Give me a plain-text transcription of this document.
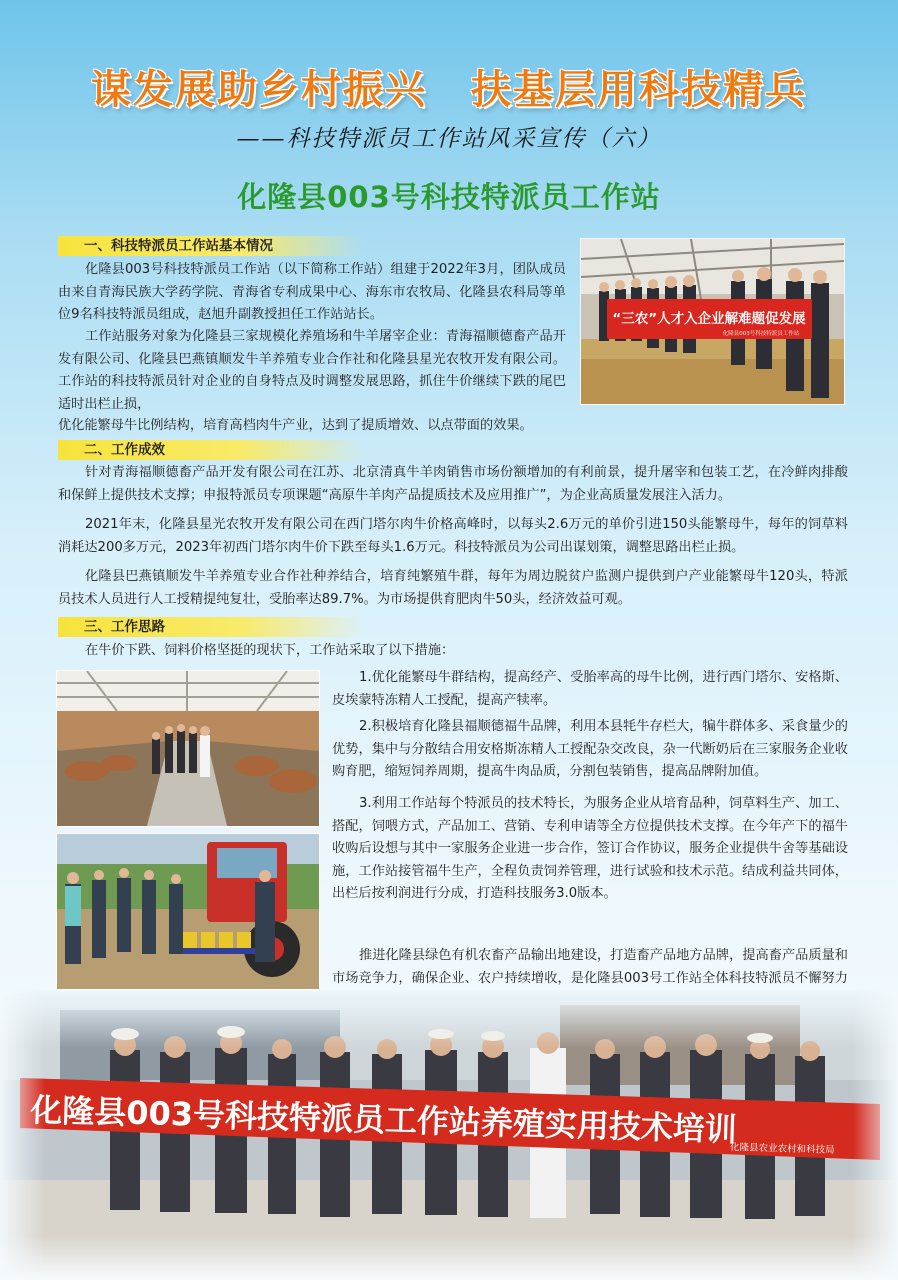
谋发展助乡村振兴 扶基层用科技精兵
——科技特派员工作站风采宣传（六）
化隆县003号科技特派员工作站
一、科技特派员工作站基本情况

化隆县003号科技特派员工作站（以下简称工作站）组建于2022年3月，团队成员由来自青海民族大学药学院、青海省专利成果中心、海东市农牧局、化隆县农科局等单位9名科技特派员组成，赵旭升副教授担任工作站站长。

工作站服务对象为化隆县三家规模化养殖场和牛羊屠宰企业：青海福顺德畜产品开发有限公司、化隆县巴燕镇顺发牛羊养殖专业合作社和化隆县星光农牧开发有限公司。工作站的科技特派员针对企业的自身特点及时调整发展思路，抓住牛价继续下跌的尾巴适时出栏止损，

优化能繁母牛比例结构，培育高档肉牛产业，达到了提质增效、以点带面的效果。

“三农”人才入企业解难题促发展
化隆县003号科技特派员工作站
二、工作成效

针对青海福顺德畜产品开发有限公司在江苏、北京清真牛羊肉销售市场份额增加的有利前景，提升屠宰和包装工艺，在冷鲜肉排酸和保鲜上提供技术支撑；申报特派员专项课题“高原牛羊肉产品提质技术及应用推广”，为企业高质量发展注入活力。

2021年末，化隆县星光农牧开发有限公司在西门塔尔肉牛价格高峰时，以每头2.6万元的单价引进150头能繁母牛，每年的饲草料消耗达200多万元，2023年初西门塔尔肉牛价下跌至每头1.6万元。科技特派员为公司出谋划策，调整思路出栏止损。

化隆县巴燕镇顺发牛羊养殖专业合作社种养结合，培育纯繁殖牛群，每年为周边脱贫户监测户提供到户产业能繁母牛120头，特派员技术人员进行人工授精提纯复壮，受胎率达89.7%。为市场提供育肥肉牛50头，经济效益可观。

三、工作思路

在牛价下跌、饲料价格坚挺的现状下，工作站采取了以下措施：

1.优化能繁母牛群结构，提高经产、受胎率高的母牛比例，进行西门塔尔、安格斯、皮埃蒙特冻精人工授配，提高产犊率。

2.积极培育化隆县福顺德福牛品牌，利用本县牦牛存栏大，犏牛群体多、采食量少的优势，集中与分散结合用安格斯冻精人工授配杂交改良，杂一代断奶后在三家服务企业收购育肥，缩短饲养周期，提高牛肉品质，分割包装销售，提高品牌附加值。

3.利用工作站每个特派员的技术特长，为服务企业从培育品种，饲草料生产、加工、搭配，饲喂方式，产品加工、营销、专利申请等全方位提供技术支撑。在今年产下的福牛收购后设想与其中一家服务企业进一步合作，签订合作协议，服务企业提供牛舍等基础设施，工作站接管福牛生产，全程负责饲养管理，进行试验和技术示范。结成利益共同体，出栏后按利润进行分成，打造科技服务3.0版本。

推进化隆县绿色有机农畜产品输出地建设，打造畜产品地方品牌，提高畜产品质量和市场竞争力，确保企业、农户持续增收，是化隆县003号工作站全体科技特派员不懈努力
